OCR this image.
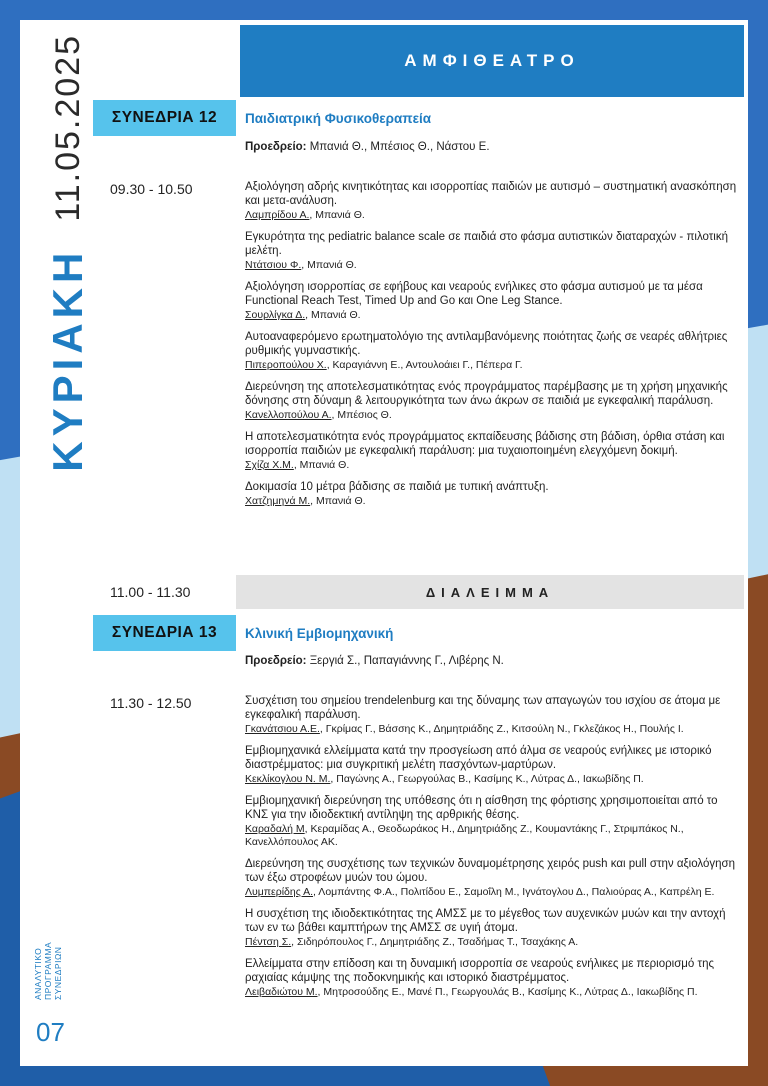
ΚΥΡΙΑΚΗ
11.05.2025
ΑΝΑΛΥΤΙΚΟ ΠΡΟΓΡΑΜΜΑ ΣΥΝΕΔΡΙΩΝ
07
ΑΜΦΙΘΕΑΤΡΟ
ΣΥΝΕΔΡΙΑ 12	Παιδιατρική Φυσικοθεραπεία
Προεδρείο: Μπανιά Θ., Μπέσιος Θ., Νάστου Ε.
09.30 - 10.50	Αξιολόγηση αδρής κινητικότητας και ισορροπίας παιδιών με αυτισμό – συστηματική ανασκόπηση και μετα-ανάλυση.
Λαμπρίδου Α., Μπανιά Θ.
Εγκυρότητα της pediatric balance scale σε παιδιά στο φάσμα αυτιστικών διαταραχών - πιλοτική μελέτη.
Ντάτσιου Φ., Μπανιά Θ.
Αξιολόγηση ισορροπίας σε εφήβους και νεαρούς ενήλικες στο φάσμα αυτισμού με τα μέσα Functional Reach Test, Timed Up and Go και One Leg Stance.
Σουρλίγκα Δ., Μπανιά Θ.
Αυτοαναφερόμενο ερωτηματολόγιο της αντιλαμβανόμενης ποιότητας ζωής σε νεαρές αθλήτριες ρυθμικής γυμναστικής.
Πιπεροπούλου Χ., Καραγιάννη Ε., Αντουλοάιει Γ., Πέπερα Γ.
Διερεύνηση της αποτελεσματικότητας ενός προγράμματος παρέμβασης με τη χρήση μηχανικής δόνησης στη δύναμη & λειτουργικότητα των άνω άκρων σε παιδιά με εγκεφαλική παράλυση.
Κανελλοπούλου Α., Μπέσιος Θ.
Η αποτελεσματικότητα ενός προγράμματος εκπαίδευσης βάδισης στη βάδιση, όρθια στάση και ισορροπία παιδιών με εγκεφαλική παράλυση: μια τυχαιοποιημένη ελεγχόμενη δοκιμή.
Σχίζα Χ.Μ., Μπανιά Θ.
Δοκιμασία 10 μέτρα βάδισης σε παιδιά με τυπική ανάπτυξη.
Χατζημηνά Μ., Μπανιά Θ.
11.00 - 11.30	ΔΙΑΛΕΙΜΜΑ
ΣΥΝΕΔΡΙΑ 13	Κλινική Εμβιομηχανική
Προεδρείο: Ξεργιά Σ., Παπαγιάννης Γ., Λιβέρης Ν.
11.30 - 12.50	Συσχέτιση του σημείου trendelenburg και της δύναμης των απαγωγών του ισχίου σε άτομα με εγκεφαλική παράλυση.
Γκανάτσιου Α.Ε., Γκρίμας Γ., Βάσσης Κ., Δημητριάδης Ζ., Κιτσούλη Ν., Γκλεζάκος Η., Πουλής Ι.
Εμβιομηχανικά ελλείμματα κατά την προσγείωση από άλμα σε νεαρούς ενήλικες με ιστορικό διαστρέμματος: μια συγκριτική μελέτη πασχόντων-μαρτύρων.
Κεκλίκογλου Ν. Μ., Παγώνης Α., Γεωργούλας Β., Κασίμης Κ., Λύτρας Δ., Ιακωβίδης Π.
Εμβιομηχανική διερεύνηση της υπόθεσης ότι η αίσθηση της φόρτισης χρησιμοποιείται από το ΚΝΣ για την ιδιοδεκτική αντίληψη της αρθρικής θέσης.
Καραδαλή Μ, Κεραμίδας Α., Θεοδωράκος Η., Δημητριάδης Ζ., Κουμαντάκης Γ., Στριμπάκος Ν., Κανελλόπουλος ΑΚ.
Διερεύνηση της συσχέτισης των τεχνικών δυναμομέτρησης χειρός push και pull στην αξιολόγηση των έξω στροφέων μυών του ώμου.
Λυμπερίδης Α., Λομπάντης Φ.Α., Πολιτίδου Ε., Σαμοΐλη Μ., Ιγνάτογλου Δ., Παλιούρας Α., Καπρέλη Ε.
Η συσχέτιση της ιδιοδεκτικότητας της ΑΜΣΣ με το μέγεθος των αυχενικών μυών και την αντοχή των εν τω βάθει καμπτήρων της ΑΜΣΣ σε υγιή άτομα.
Πέντση Σ., Σιδηρόπουλος Γ., Δημητριάδης Ζ., Τσαδήμας Τ., Τσαχάκης Α.
Ελλείμματα στην επίδοση και τη δυναμική ισορροπία σε νεαρούς ενήλικες με περιορισμό της ραχιαίας κάμψης της ποδοκνημικής και ιστορικό διαστρέμματος.
Λειβαδιώτου Μ., Μητροσούδης Ε., Μανέ Π., Γεωργουλάς Β., Κασίμης Κ., Λύτρας Δ., Ιακωβίδης Π.
